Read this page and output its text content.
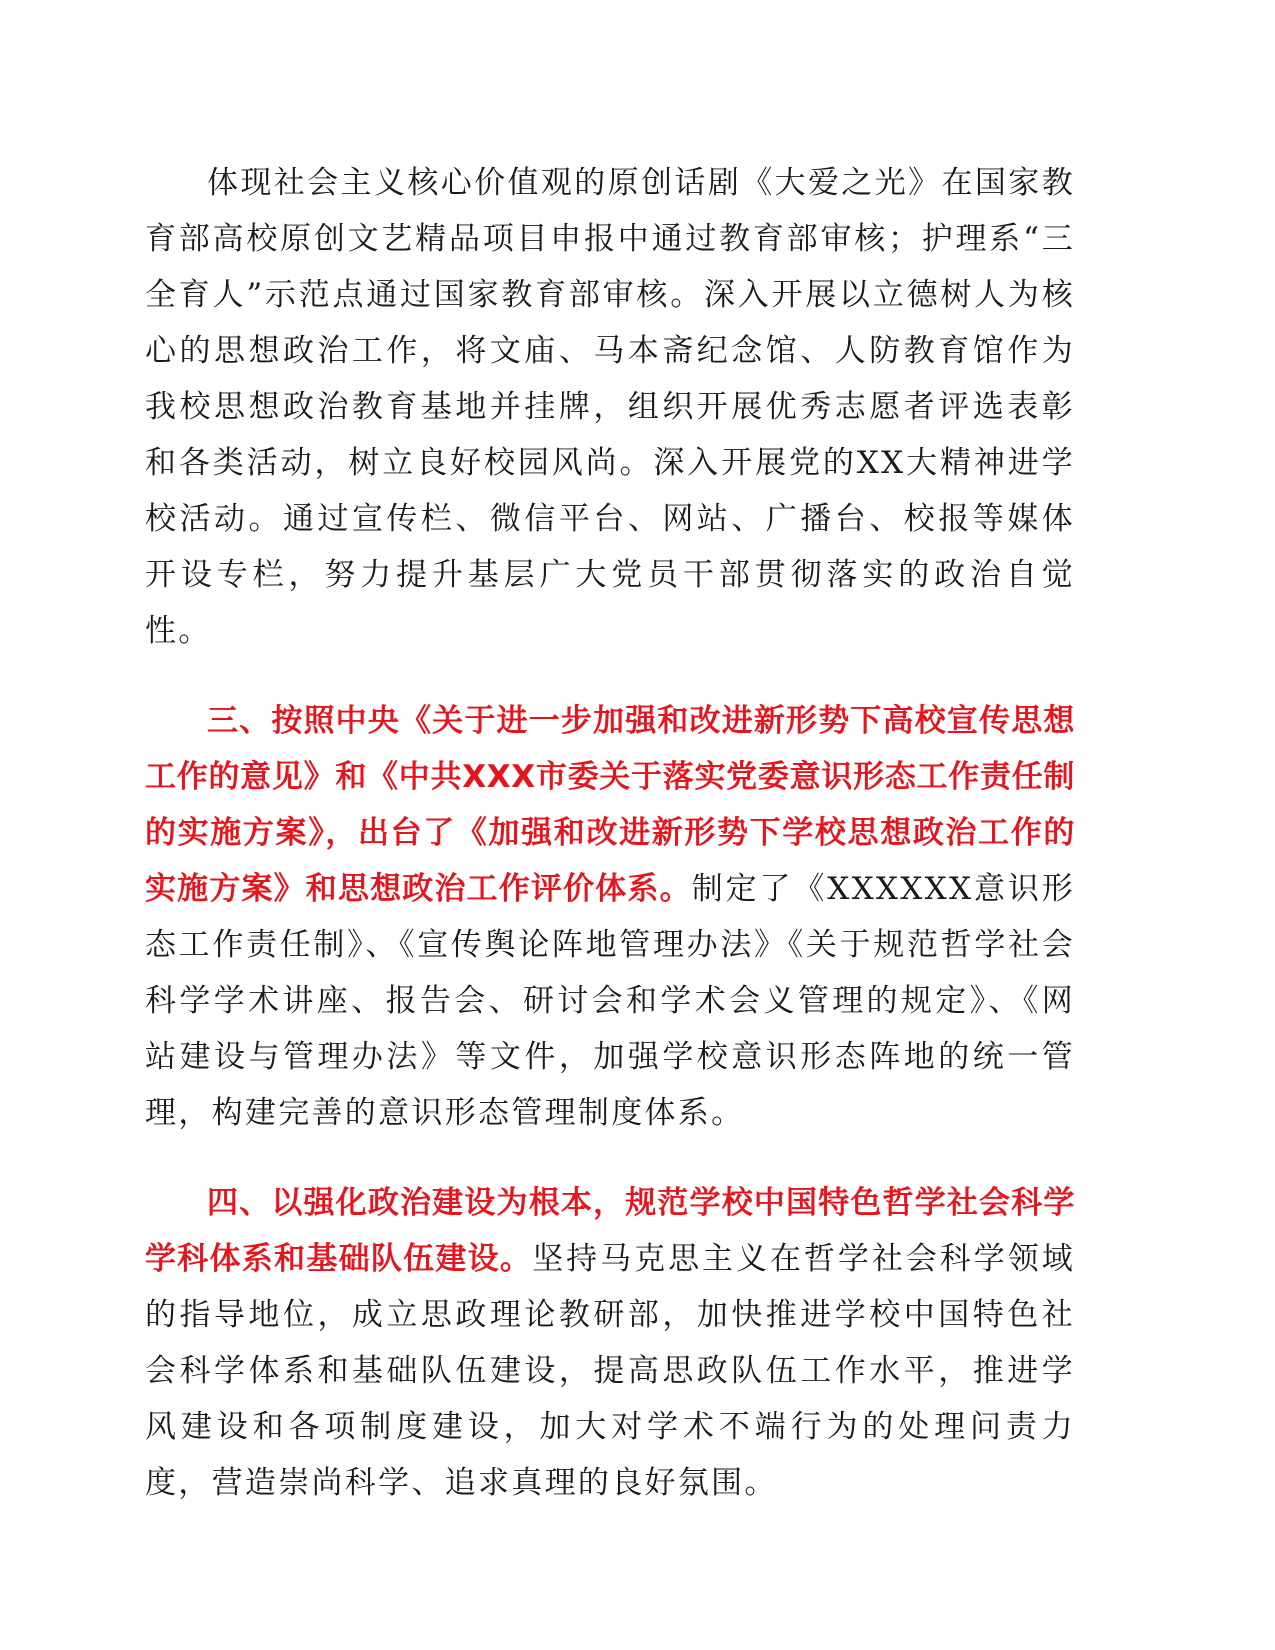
体现社会主义核心价值观的原创话剧《大爱之光》在国家教育部高校原创文艺精品项目申报中通过教育部审核；护理系“三全育人”示范点通过国家教育部审核。深入开展以立德树人为核心的思想政治工作，将文庙、马本斋纪念馆、人防教育馆作为我校思想政治教育基地并挂牌，组织开展优秀志愿者评选表彰和各类活动，树立良好校园风尚。深入开展党的XX大精神进学校活动。通过宣传栏、微信平台、网站、广播台、校报等媒体开设专栏，努力提升基层广大党员干部贯彻落实的政治自觉性。

三、按照中央《关于进一步加强和改进新形势下高校宣传思想工作的意见》和《中共XXX市委关于落实党委意识形态工作责任制的实施方案》，出台了《加强和改进新形势下学校思想政治工作的实施方案》和思想政治工作评价体系。制定了《XXXXXX意识形态工作责任制》、《宣传舆论阵地管理办法》《关于规范哲学社会科学学术讲座、报告会、研讨会和学术会义管理的规定》、《网站建设与管理办法》等文件，加强学校意识形态阵地的统一管理，构建完善的意识形态管理制度体系。

四、以强化政治建设为根本，规范学校中国特色哲学社会科学学科体系和基础队伍建设。坚持马克思主义在哲学社会科学领域的指导地位，成立思政理论教研部，加快推进学校中国特色社会科学体系和基础队伍建设，提高思政队伍工作水平，推进学风建设和各项制度建设，加大对学术不端行为的处理问责力度，营造崇尚科学、追求真理的良好氛围。
